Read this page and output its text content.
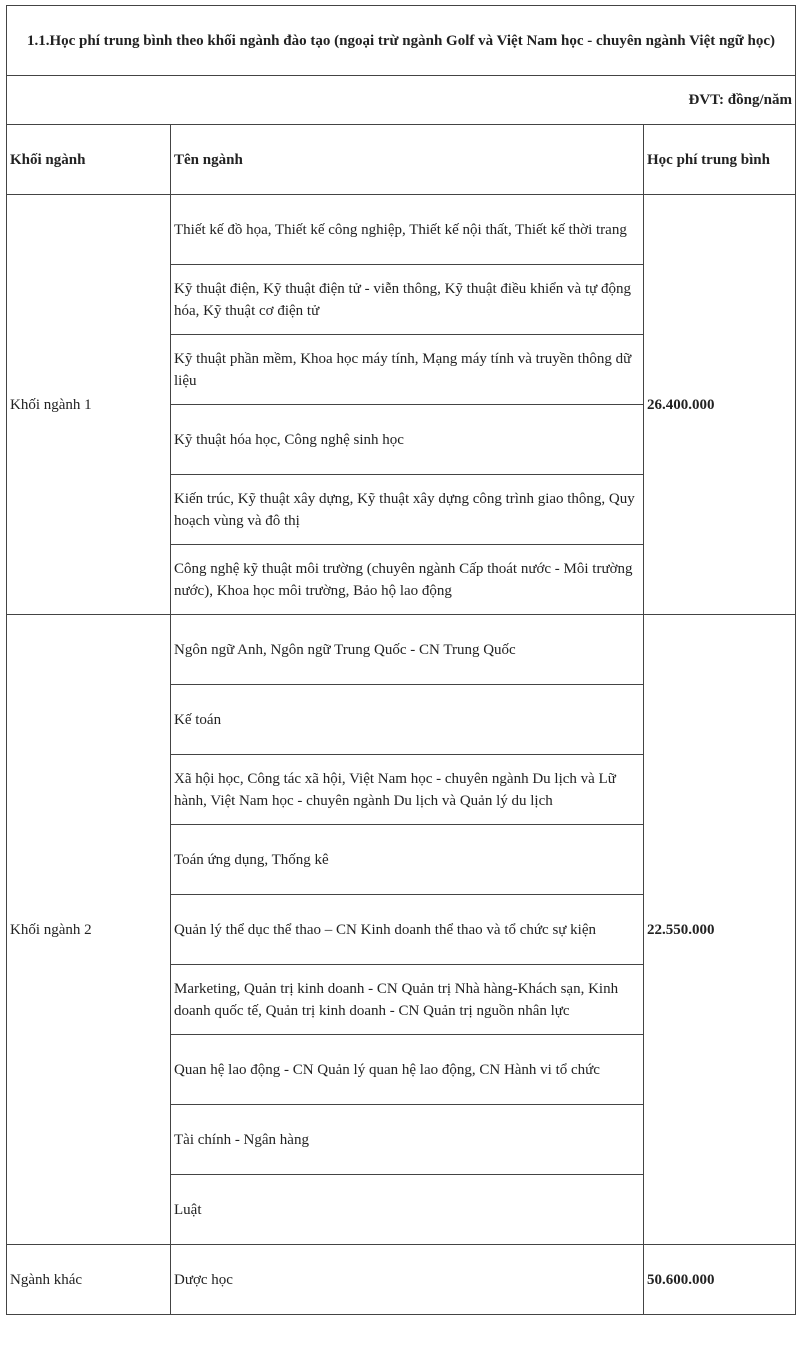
1.1.Học phí trung bình theo khối ngành đào tạo (ngoại trừ ngành Golf và Việt Nam học - chuyên ngành Việt ngữ học)		
ĐVT: đồng/năm		
Khối ngành	Tên ngành	Học phí trung bình
Khối ngành 1	Thiết kế đồ họa, Thiết kế công nghiệp, Thiết kế nội thất, Thiết kế thời trang	26.400.000
	Kỹ thuật điện, Kỹ thuật điện tử - viễn thông, Kỹ thuật điều khiển và tự động hóa, Kỹ thuật cơ điện tử	
	Kỹ thuật phần mềm, Khoa học máy tính, Mạng máy tính và truyền thông dữ liệu	
	Kỹ thuật hóa học, Công nghệ sinh học	
	Kiến trúc, Kỹ thuật xây dựng, Kỹ thuật xây dựng công trình giao thông, Quy hoạch vùng và đô thị	
	Công nghệ kỹ thuật môi trường (chuyên ngành Cấp thoát nước - Môi trường nước), Khoa học môi trường, Bảo hộ lao động	
Khối ngành 2	Ngôn ngữ Anh, Ngôn ngữ Trung Quốc - CN Trung Quốc	22.550.000
	Kế toán	
	Xã hội học, Công tác xã hội, Việt Nam học - chuyên ngành Du lịch và Lữ hành, Việt Nam học - chuyên ngành Du lịch và Quản lý du lịch	
	Toán ứng dụng, Thống kê	
	Quản lý thể dục thể thao – CN Kinh doanh thể thao và tổ chức sự kiện	
	Marketing, Quản trị kinh doanh - CN Quản trị Nhà hàng-Khách sạn, Kinh doanh quốc tế, Quản trị kinh doanh - CN Quản trị nguồn nhân lực	
	Quan hệ lao động - CN Quản lý quan hệ lao động, CN Hành vi tổ chức	
	Tài chính - Ngân hàng	
	Luật	
Ngành khác	Dược học	50.600.000
